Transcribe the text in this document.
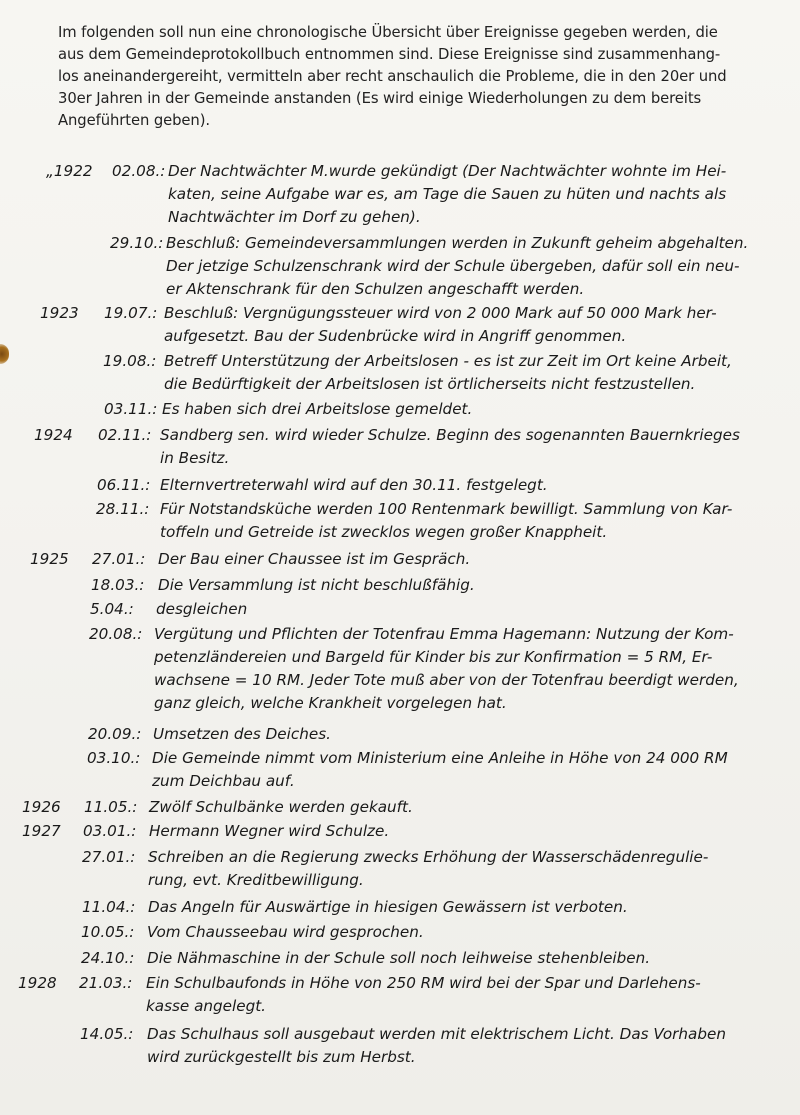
Im folgenden soll nun eine chronologische Übersicht über Ereignisse gegeben werden, die
aus dem Gemeindeprotokollbuch entnommen sind. Diese Ereignisse sind zusammenhang-
los aneinandergereiht, vermitteln aber recht anschaulich die Probleme, die in den 20er und
30er Jahren in der Gemeinde anstanden (Es wird einige Wiederholungen zu dem bereits
Angeführten geben).
„1922 02.08.: Der Nachtwächter M.wurde gekündigt (Der Nachtwächter wohnte im Hei-
katen, seine Aufgabe war es, am Tage die Sauen zu hüten und nachts als
Nachtwächter im Dorf zu gehen).
29.10.: Beschluß: Gemeindeversammlungen werden in Zukunft geheim abgehalten.
Der jetzige Schulzenschrank wird der Schule übergeben, dafür soll ein neu-
er Aktenschrank für den Schulzen angeschafft werden.
1923 19.07.: Beschluß: Vergnügungssteuer wird von 2 000 Mark auf 50 000 Mark her-
aufgesetzt. Bau der Sudenbrücke wird in Angriff genommen.
19.08.: Betreff Unterstützung der Arbeitslosen - es ist zur Zeit im Ort keine Arbeit,
die Bedürftigkeit der Arbeitslosen ist örtlicherseits nicht festzustellen.
03.11.: Es haben sich drei Arbeitslose gemeldet.
1924 02.11.: Sandberg sen. wird wieder Schulze. Beginn des sogenannten Bauernkrieges
in Besitz.
06.11.: Elternvertreterwahl wird auf den 30.11. festgelegt.
28.11.: Für Notstandsküche werden 100 Rentenmark bewilligt. Sammlung von Kar-
toffeln und Getreide ist zwecklos wegen großer Knappheit.
1925 27.01.: Der Bau einer Chaussee ist im Gespräch.
18.03.: Die Versammlung ist nicht beschlußfähig.
5.04.: desgleichen
20.08.: Vergütung und Pflichten der Totenfrau Emma Hagemann: Nutzung der Kom-
petenzländereien und Bargeld für Kinder bis zur Konfirmation = 5 RM, Er-
wachsene = 10 RM. Jeder Tote muß aber von der Totenfrau beerdigt werden,
ganz gleich, welche Krankheit vorgelegen hat.
20.09.: Umsetzen des Deiches.
03.10.: Die Gemeinde nimmt vom Ministerium eine Anleihe in Höhe von 24 000 RM
zum Deichbau auf.
1926 11.05.: Zwölf Schulbänke werden gekauft.
1927 03.01.: Hermann Wegner wird Schulze.
27.01.: Schreiben an die Regierung zwecks Erhöhung der Wasserschädenregulie-
rung, evt. Kreditbewilligung.
11.04.: Das Angeln für Auswärtige in hiesigen Gewässern ist verboten.
10.05.: Vom Chausseebau wird gesprochen.
24.10.: Die Nähmaschine in der Schule soll noch leihweise stehenbleiben.
1928 21.03.: Ein Schulbaufonds in Höhe von 250 RM wird bei der Spar und Darlehens-
kasse angelegt.
14.05.: Das Schulhaus soll ausgebaut werden mit elektrischem Licht. Das Vorhaben
wird zurückgestellt bis zum Herbst.
